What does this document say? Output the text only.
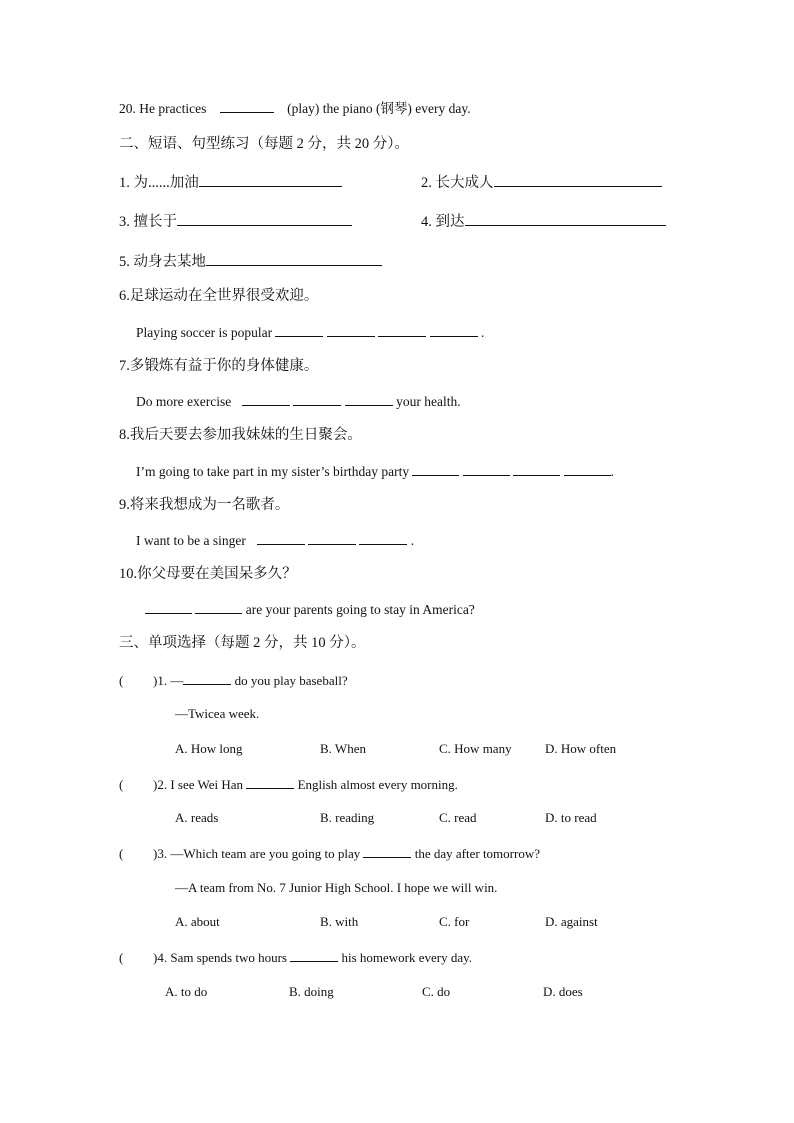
20. He practices	(play) the piano (钢琴) every day.
二、短语、句型练习（每题 2 分，共 20 分）。
1. 为......加油	2. 长大成人
3. 擅长于	4. 到达
5. 动身去某地
6.足球运动在全世界很受欢迎。
Playing soccer is popular	.
7.多锻炼有益于你的身体健康。
Do more exercise	your health.
8.我后天要去参加我妹妹的生日聚会。
I’m going to take part in my sister’s birthday party	.
9.将来我想成为一名歌者。
I want to be a singer	.
10.你父母要在美国呆多久？
are your parents going to stay in America?
三、单项选择（每题 2 分，共 10 分）。
( )1. —	do you play baseball?
—Twicea week.
A. How long	B. When	C. How many	D. How often
( )2. I see Wei Han	English almost every morning.
A. reads	B. reading	C. read	D. to read
( )3. —Which team are you going to play	the day after tomorrow?
—A team from No. 7 Junior High School. I hope we will win.
A. about	B. with	C. for	D. against
( )4. Sam spends two hours	his homework every day.
A. to do	B. doing	C. do	D. does
